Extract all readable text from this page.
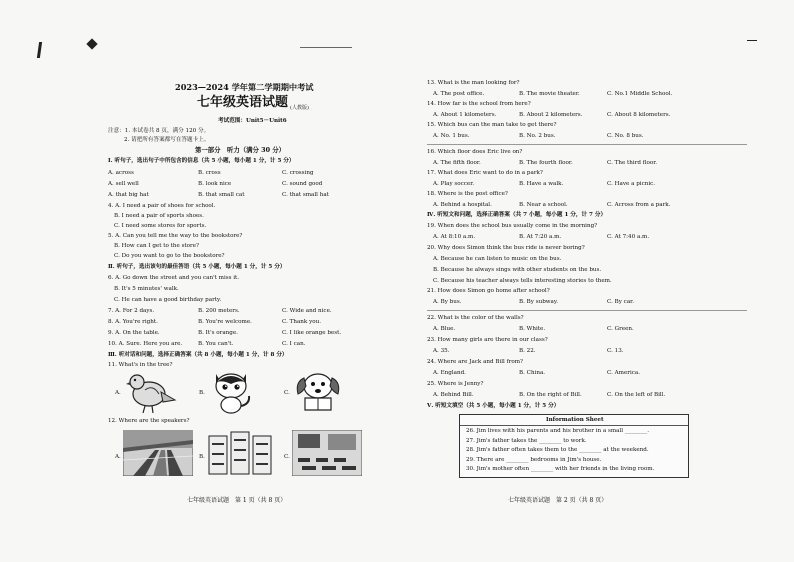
2023—2024 学年第二学期期中考试
七年级英语试题 (人教版)
考试范围：Unit5－Unit6
注意：1. 本试卷共 8 页，满分 120 分。
2. 请把所有答案都写在答题卡上。
第一部分　听力（满分 30 分）
Ⅰ. 听句子，选出句子中所包含的信息（共 5 小题，每小题 1 分，计 5 分）
A. across	B. cross	C. crossing
A. sell well	B. look nice	C. sound good
A. that big hat	B. that small cat	C. that small hat
4. A. I need a pair of shoes for school.
B. I need a pair of sports shoes.
C. I need some stores for sports.
5. A. Can you tell me the way to the bookstore?
B. How can I get to the store?
C. Do you want to go to the bookstore?
Ⅱ. 听句子，选出该句的最佳答语（共 5 小题，每小题 1 分，计 5 分）
6. A. Go down the street and you can't miss it.
B. It's 5 minutes' walk.
C. He can have a good birthday party.
7. A. For 2 days.	B. 200 meters.	C. Wide and nice.
8. A. You're right.	B. You're welcome.	C. Thank you.
9. A. On the table.	B. It's orange.	C. I like orange best.
10. A. Sure. Here you are.	B. You can't.	C. I can.
Ⅲ. 听对话和问题，选择正确答案（共 8 小题，每小题 1 分，计 8 分）
11. What's in the tree?
A.	B.	C.
12. Where are the speakers?
A.	B.	C.
七年级英语试题　第 1 页（共 8 页）
13. What is the man looking for?
A. The post office.	B. The movie theater.	C. No.1 Middle School.
14. How far is the school from here?
A. About 1 kilometers.	B. About 2 kilometers.	C. About 8 kilometers.
15. Which bus can the man take to get there?
A. No. 1 bus.	B. No. 2 bus.	C. No. 8 bus.
16. Which floor does Eric live on?
A. The fifth floor.	B. The fourth floor.	C. The third floor.
17. What does Eric want to do in a park?
A. Play soccer.	B. Have a walk.	C. Have a picnic.
18. Where is the post office?
A. Behind a hospital.	B. Near a school.	C. Across from a park.
Ⅳ. 听短文和问题，选择正确答案（共 7 小题，每小题 1 分，计 7 分）
19. When does the school bus usually come in the morning?
A. At 8:10 a.m.	B. At 7:20 a.m.	C. At 7:40 a.m.
20. Why does Simon think the bus ride is never boring?
A. Because he can listen to music on the bus.
B. Because he always sings with other students on the bus.
C. Because his teacher always tells interesting stories to them.
21. How does Simon go home after school?
A. By bus.	B. By subway.	C. By car.
22. What is the color of the walls?
A. Blue.	B. White.	C. Green.
23. How many girls are there in our class?
A. 35.	B. 22.	C. 13.
24. Where are Jack and Bill from?
A. England.	B. China.	C. America.
25. Where is Jenny?
A. Behind Bill.	B. On the right of Bill.	C. On the left of Bill.
Ⅴ. 听短文填空（共 5 小题，每小题 1 分，计 5 分）
Information Sheet
26. Jim lives with his parents and his brother in a small ________.
27. Jim's father takes the ________ to work.
28. Jim's father often takes them to the ________ at the weekend.
29. There are ________ bedrooms in Jim's house.
30. Jim's mother often ________ with her friends in the living room.
七年级英语试题　第 2 页（共 8 页）
